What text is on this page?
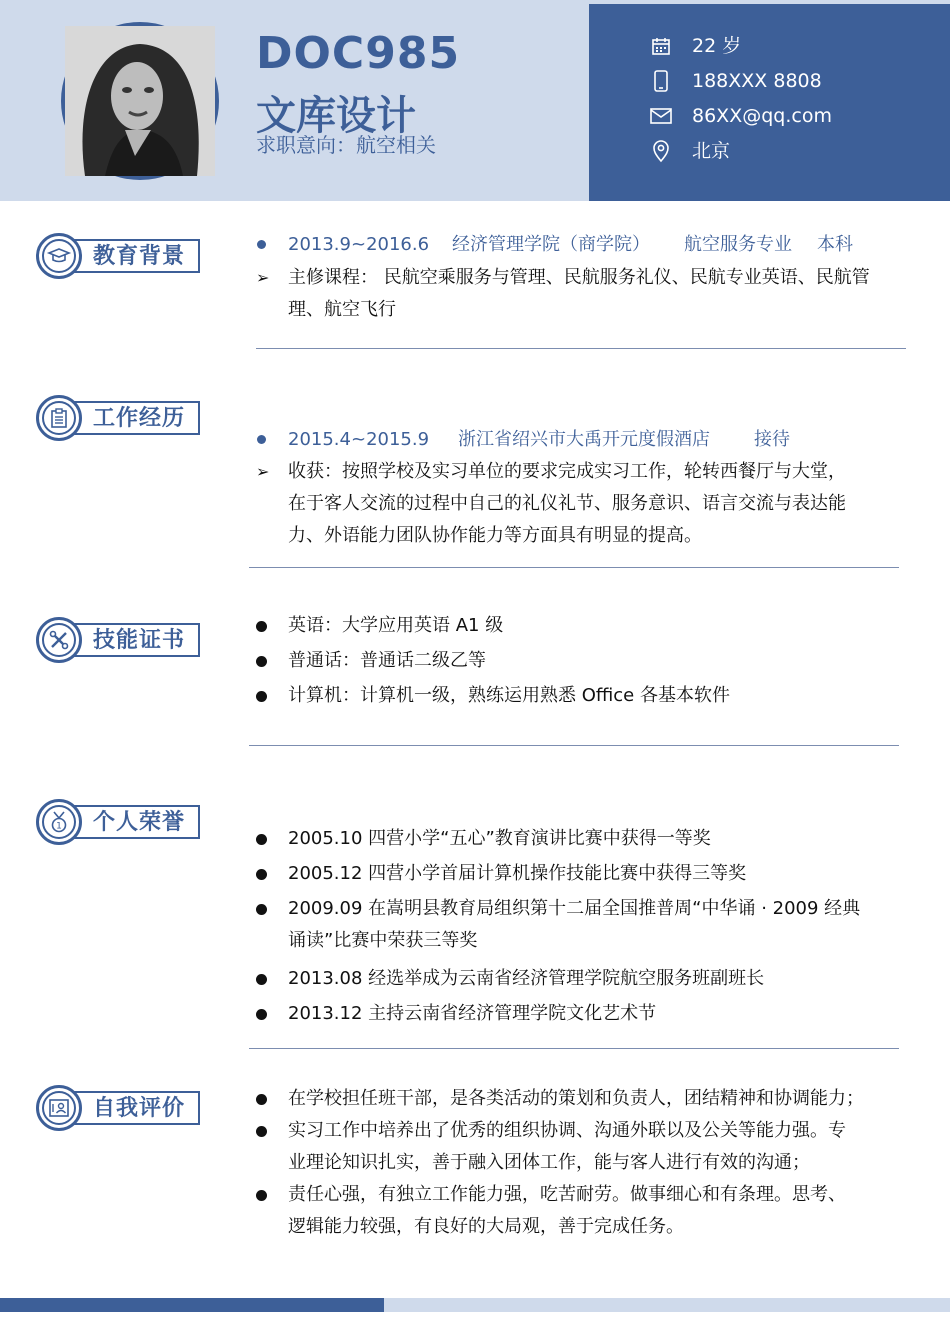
DOC985
文库设计
求职意向：航空相关
22 岁
188XXX 8808
86XX@qq.com
北京
教育背景	2013.9~2016.6 经济管理学院（商学院） 航空服务专业 本科
➢ 主修课程： 民航空乘服务与管理、民航服务礼仪、民航专业英语、民航管
理、航空飞行
工作经历
2015.4~2015.9 浙江省绍兴市大禹开元度假酒店 接待
➢ 收获：按照学校及实习单位的要求完成实习工作，轮转西餐厅与大堂，
在于客人交流的过程中自己的礼仪礼节、服务意识、语言交流与表达能
力、外语能力团队协作能力等方面具有明显的提高。
技能证书
英语：大学应用英语 A1 级
普通话：普通话二级乙等
计算机：计算机一级，熟练运用熟悉 Office 各基本软件
个人荣誉
1
2005.10 四营小学“五心”教育演讲比赛中获得一等奖
2005.12 四营小学首届计算机操作技能比赛中获得三等奖
2009.09 在嵩明县教育局组织第十二届全国推普周“中华诵 · 2009 经典
诵读”比赛中荣获三等奖
2013.08 经选举成为云南省经济管理学院航空服务班副班长
2013.12 主持云南省经济管理学院文化艺术节
自我评价	在学校担任班干部，是各类活动的策划和负责人，团结精神和协调能力；
实习工作中培养出了优秀的组织协调、沟通外联以及公关等能力强。专
业理论知识扎实，善于融入团体工作，能与客人进行有效的沟通；
责任心强，有独立工作能力强，吃苦耐劳。做事细心和有条理。思考、
逻辑能力较强，有良好的大局观，善于完成任务。
